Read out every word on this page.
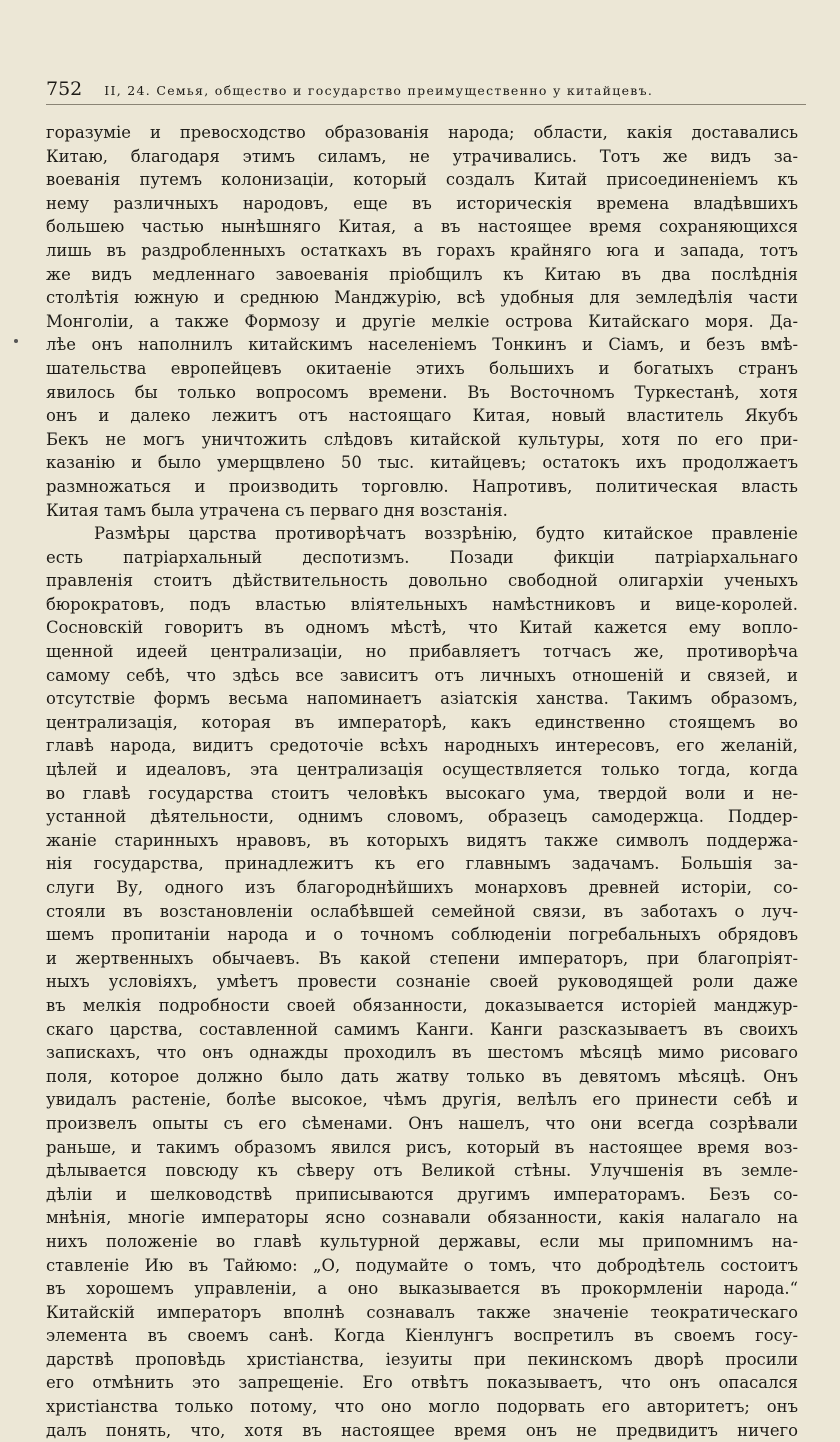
752 II, 24. Семья, общество и государство преимущественно у китайцевъ.
горазуміе и превосходство образованія народа; области, какія доставались
Китаю, благодаря этимъ силамъ, не утрачивались. Тотъ же видъ за-
воеванія путемъ колонизаціи, который создалъ Китай присоединеніемъ къ
нему различныхъ народовъ, еще въ историческія времена владѣвшихъ
большею частью нынѣшняго Китая, а въ настоящее время сохраняющихся
лишь въ раздробленныхъ остаткахъ въ горахъ крайняго юга и запада, тотъ
же видъ медленнаго завоеванія пріобщилъ къ Китаю въ два послѣднія
столѣтія южную и среднюю Манджурію, всѣ удобныя для земледѣлія части
Монголіи, а также Формозу и другіе мелкіе острова Китайскаго моря. Да-
лѣе онъ наполнилъ китайскимъ населеніемъ Тонкинъ и Сіамъ, и безъ вмѣ-
шательства европейцевъ окитаеніе этихъ большихъ и богатыхъ странъ
явилось бы только вопросомъ времени. Въ Восточномъ Туркестанѣ, хотя
онъ и далеко лежитъ отъ настоящаго Китая, новый властитель Якубъ
Бекъ не могъ уничтожить слѣдовъ китайской культуры, хотя по его при-
казанію и было умерщвлено 50 тыс. китайцевъ; остатокъ ихъ продолжаетъ
размножаться и производить торговлю. Напротивъ, политическая власть
Китая тамъ была утрачена съ перваго дня возстанія.
Размѣры царства противорѣчатъ воззрѣнію, будто китайское правленіе
есть патріархальный деспотизмъ. Позади фикціи патріархальнаго
правленія стоитъ дѣйствительность довольно свободной олигархіи ученыхъ
бюрократовъ, подъ властью вліятельныхъ намѣстниковъ и вице-королей.
Сосновскій говоритъ въ одномъ мѣстѣ, что Китай кажется ему вопло-
щенной идеей централизаціи, но прибавляетъ тотчасъ же, противорѣча
самому себѣ, что здѣсь все зависитъ отъ личныхъ отношеній и связей, и
отсутствіе формъ весьма напоминаетъ азіатскія ханства. Такимъ образомъ,
централизація, которая въ императорѣ, какъ единственно стоящемъ во
главѣ народа, видитъ средоточіе всѣхъ народныхъ интересовъ, его желаній,
цѣлей и идеаловъ, эта централизація осуществляется только тогда, когда
во главѣ государства стоитъ человѣкъ высокаго ума, твердой воли и не-
устанной дѣятельности, однимъ словомъ, образецъ самодержца. Поддер-
жаніе старинныхъ нравовъ, въ которыхъ видятъ также символъ поддержа-
нія государства, принадлежитъ къ его главнымъ задачамъ. Большія за-
слуги Ву, одного изъ благороднѣйшихъ монарховъ древней исторіи, со-
стояли въ возстановленіи ослабѣвшей семейной связи, въ заботахъ о луч-
шемъ пропитаніи народа и о точномъ соблюденіи погребальныхъ обрядовъ
и жертвенныхъ обычаевъ. Въ какой степени императоръ, при благопріят-
ныхъ условіяхъ, умѣетъ провести сознаніе своей руководящей роли даже
въ мелкія подробности своей обязанности, доказывается исторіей манджур-
скаго царства, составленной самимъ Канги. Канги разсказываетъ въ своихъ
запискахъ, что онъ однажды проходилъ въ шестомъ мѣсяцѣ мимо рисоваго
поля, которое должно было дать жатву только въ девятомъ мѣсяцѣ. Онъ
увидалъ растеніе, болѣе высокое, чѣмъ другія, велѣлъ его принести себѣ и
произвелъ опыты съ его сѣменами. Онъ нашелъ, что они всегда созрѣвали
раньше, и такимъ образомъ явился рисъ, который въ настоящее время воз-
дѣлывается повсюду къ сѣверу отъ Великой стѣны. Улучшенія въ земле-
дѣліи и шелководствѣ приписываются другимъ императорамъ. Безъ со-
мнѣнія, многіе императоры ясно сознавали обязанности, какія налагало на
нихъ положеніе во главѣ культурной державы, если мы припомнимъ на-
ставленіе Ию въ Тайюмо: „О, подумайте о томъ, что добродѣтель состоитъ
въ хорошемъ управленіи, а оно выказывается въ прокормленіи народа.“
Китайскій императоръ вполнѣ сознавалъ также значеніе теократическаго
элемента въ своемъ санѣ. Когда Кіенлунгъ воспретилъ въ своемъ госу-
дарствѣ проповѣдь христіанства, іезуиты при пекинскомъ дворѣ просили
его отмѣнить это запрещеніе. Его отвѣтъ показываетъ, что онъ опасался
христіанства только потому, что оно могло подорвать его авторитетъ; онъ
далъ понять, что, хотя въ настоящее время онъ не предвидитъ ничего
